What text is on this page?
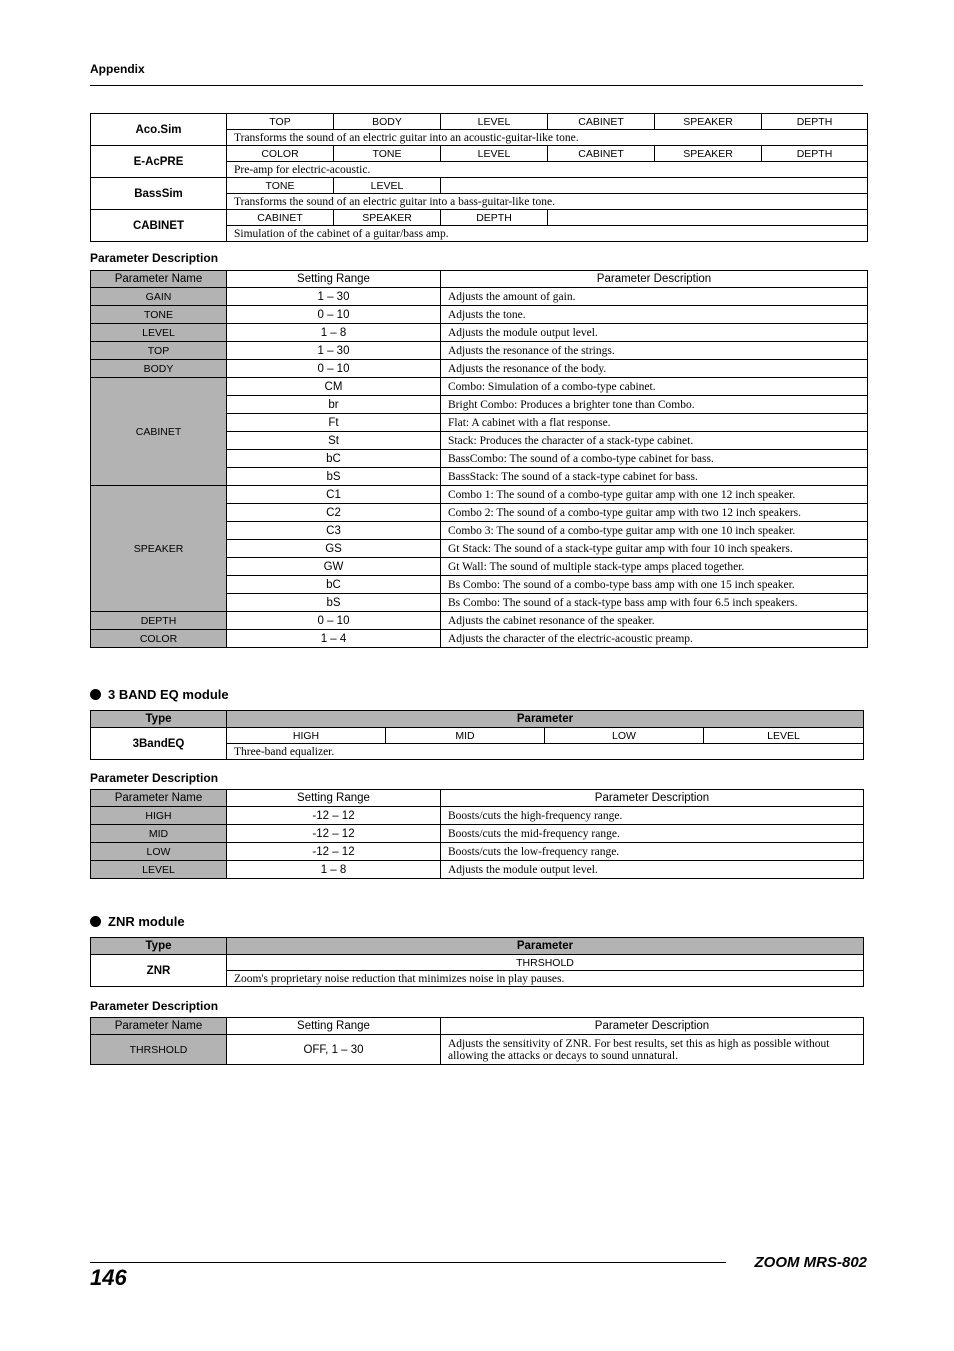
Appendix
Aco.Sim	TOP	BODY	LEVEL	CABINET	SPEAKER	DEPTH
	Transforms the sound of an electric guitar into an acoustic-guitar-like tone.					
E-AcPRE	COLOR	TONE	LEVEL	CABINET	SPEAKER	DEPTH
	Pre-amp for electric-acoustic.					
BassSim	TONE	LEVEL				
	Transforms the sound of an electric guitar into a bass-guitar-like tone.					
CABINET	CABINET	SPEAKER	DEPTH			
	Simulation of the cabinet of a guitar/bass amp.					
Parameter Description
Parameter Name	Setting Range	Parameter Description
GAIN	1 – 30	Adjusts the amount of gain.
TONE	0 – 10	Adjusts the tone.
LEVEL	1 – 8	Adjusts the module output level.
TOP	1 – 30	Adjusts the resonance of the strings.
BODY	0 – 10	Adjusts the resonance of the body.
CABINET	CM	Combo: Simulation of a combo-type cabinet.
	br	Bright Combo: Produces a brighter tone than Combo.
	Ft	Flat: A cabinet with a flat response.
	St	Stack: Produces the character of a stack-type cabinet.
	bC	BassCombo: The sound of a combo-type cabinet for bass.
	bS	BassStack: The sound of a stack-type cabinet for bass.
SPEAKER	C1	Combo 1: The sound of a combo-type guitar amp with one 12 inch speaker.
	C2	Combo 2: The sound of a combo-type guitar amp with two 12 inch speakers.
	C3	Combo 3: The sound of a combo-type guitar amp with one 10 inch speaker.
	GS	Gt Stack: The sound of a stack-type guitar amp with four 10 inch speakers.
	GW	Gt Wall: The sound of multiple stack-type amps placed together.
	bC	Bs Combo: The sound of a combo-type bass amp with one 15 inch speaker.
	bS	Bs Combo: The sound of a stack-type bass amp with four 6.5 inch speakers.
DEPTH	0 – 10	Adjusts the cabinet resonance of the speaker.
COLOR	1 – 4	Adjusts the character of the electric-acoustic preamp.
3 BAND EQ module
Type	Parameter			
3BandEQ	HIGH	MID	LOW	LEVEL
	Three-band equalizer.			
Parameter Description
Parameter Name	Setting Range	Parameter Description
HIGH	-12 – 12	Boosts/cuts the high-frequency range.
MID	-12 – 12	Boosts/cuts the mid-frequency range.
LOW	-12 – 12	Boosts/cuts the low-frequency range.
LEVEL	1 – 8	Adjusts the module output level.
ZNR module
Type	Parameter
ZNR	THRSHOLD
	Zoom's proprietary noise reduction that minimizes noise in play pauses.
Parameter Description
Parameter Name	Setting Range	Parameter Description
THRSHOLD	OFF, 1 – 30	Adjusts the sensitivity of ZNR. For best results, set this as high as possible without allowing the attacks or decays to sound unnatural.
146
ZOOM MRS-802
